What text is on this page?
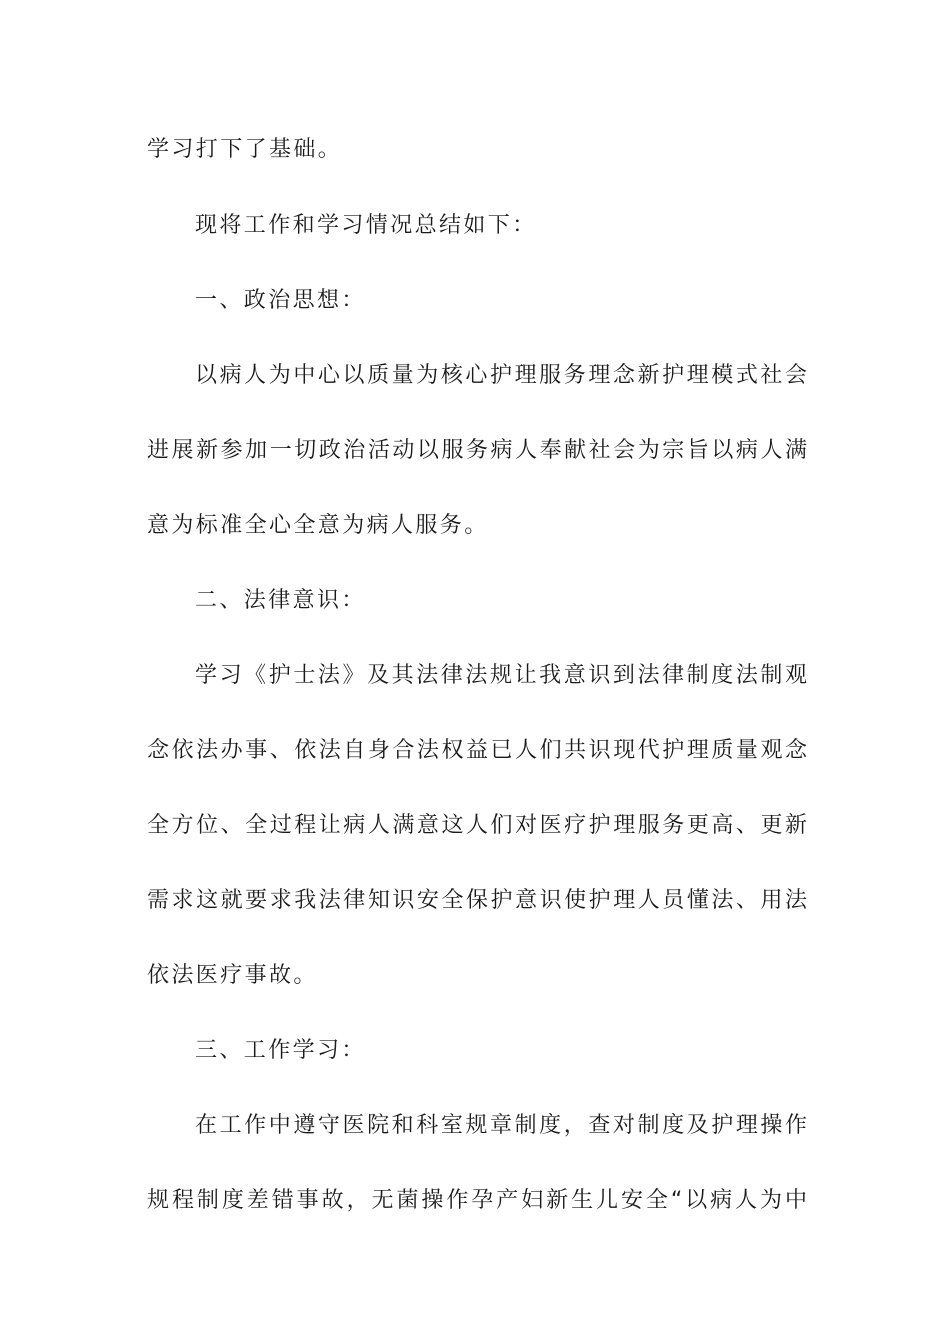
学习打下了基础。
现将工作和学习情况总结如下：
一、政治思想：
以病人为中心以质量为核心护理服务理念新护理模式社会
进展新参加一切政治活动以服务病人奉献社会为宗旨以病人满
意为标准全心全意为病人服务。
二、法律意识：
学习《护士法》及其法律法规让我意识到法律制度法制观
念依法办事、依法自身合法权益已人们共识现代护理质量观念
全方位、全过程让病人满意这人们对医疗护理服务更高、更新
需求这就要求我法律知识安全保护意识使护理人员懂法、用法
依法医疗事故。
三、工作学习：
在工作中遵守医院和科室规章制度，查对制度及护理操作
规程制度差错事故，无菌操作孕产妇新生儿安全“以病人为中
